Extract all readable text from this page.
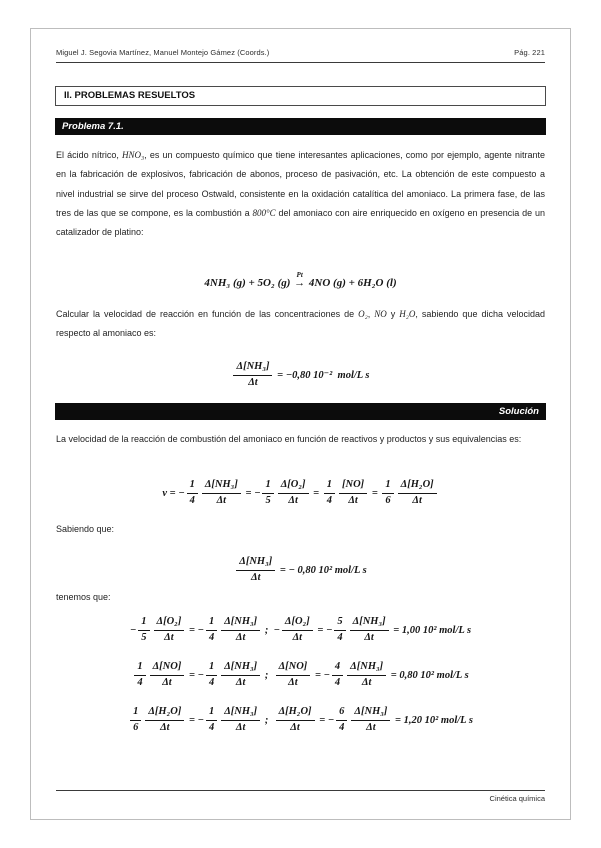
Miguel J. Segovia Martínez, Manuel Montejo Gámez (Coords.)	Pág. 221
II. PROBLEMAS RESUELTOS
Problema 7.1.
El ácido nítrico, HNO₃, es un compuesto químico que tiene interesantes aplicaciones, como por ejemplo, agente nitrante en la fabricación de explosivos, fabricación de abonos, proceso de pasivación, etc. La obtención de este compuesto a nivel industrial se sirve del proceso Ostwald, consistente en la oxidación catalítica del amoniaco. La primera fase, de las tres de las que se compone, es la combustión a 800°C del amoniaco con aire enriquecido en oxígeno en presencia de un catalizador de platino:
4NH₃ (g) + 5O₂ (g)
Pt
→ 4NO (g) + 6H₂O (l)
Calcular la velocidad de reacción en función de las concentraciones de O₂, NO y H₂O, sabiendo que dicha velocidad respecto al amoniaco es:
$\frac{\text{Δ[NH₃]}}{\Delta t} = -0,80$ 10⁻²  mol/L s
Solución
La velocidad de la reacción de combustión del amoniaco en función de reactivos y productos y sus equivalencias es:
v = − $\frac{1}{4} \frac{\text{Δ[NH₃]}}{\Delta t}$ = − $\frac{1}{5} \frac{\text{Δ[O₂]}}{\Delta t} = \frac{1}{4} \frac{[NO]}{\Delta t} = \frac{1}{6} \frac{\text{Δ[H₂O]}}{\Delta t}$
Sabiendo que:
$\frac{\text{Δ[NH₃]}}{\Delta t}$ = − 0,80 10² mol/L s
tenemos que:
− $\frac{1}{5} \frac{\text{Δ[O₂]}}{\Delta t}$ = − $\frac{1}{4} \frac{\text{Δ[NH₃]}}{\Delta t}$ ;  − $\frac{\text{Δ[O₂]}}{\Delta t}$ = − $\frac{5}{4} \frac{\text{Δ[NH₃]}}{\Delta t} = 1,00$ 10² mol/L s
$\frac{1}{4} \frac{\Delta[NO]}{\Delta t}$ = − $\frac{1}{4} \frac{\text{Δ[NH₃]}}{\Delta t}$ ; $\frac{\Delta[NO]}{\Delta t}$ = − $\frac{4}{4} \frac{\text{Δ[NH₃]}}{\Delta t} = 0,80$ 10² mol/L s
$\frac{1}{6} \frac{\text{Δ[H₂O]}}{\Delta t}$ = − $\frac{1}{4} \frac{\text{Δ[NH₃]}}{\Delta t}$ ; $\frac{\text{Δ[H₂O]}}{\Delta t}$ = − $\frac{6}{4} \frac{\text{Δ[NH₃]}}{\Delta t} = 1,20$ 10² mol/L s
Cinética química
